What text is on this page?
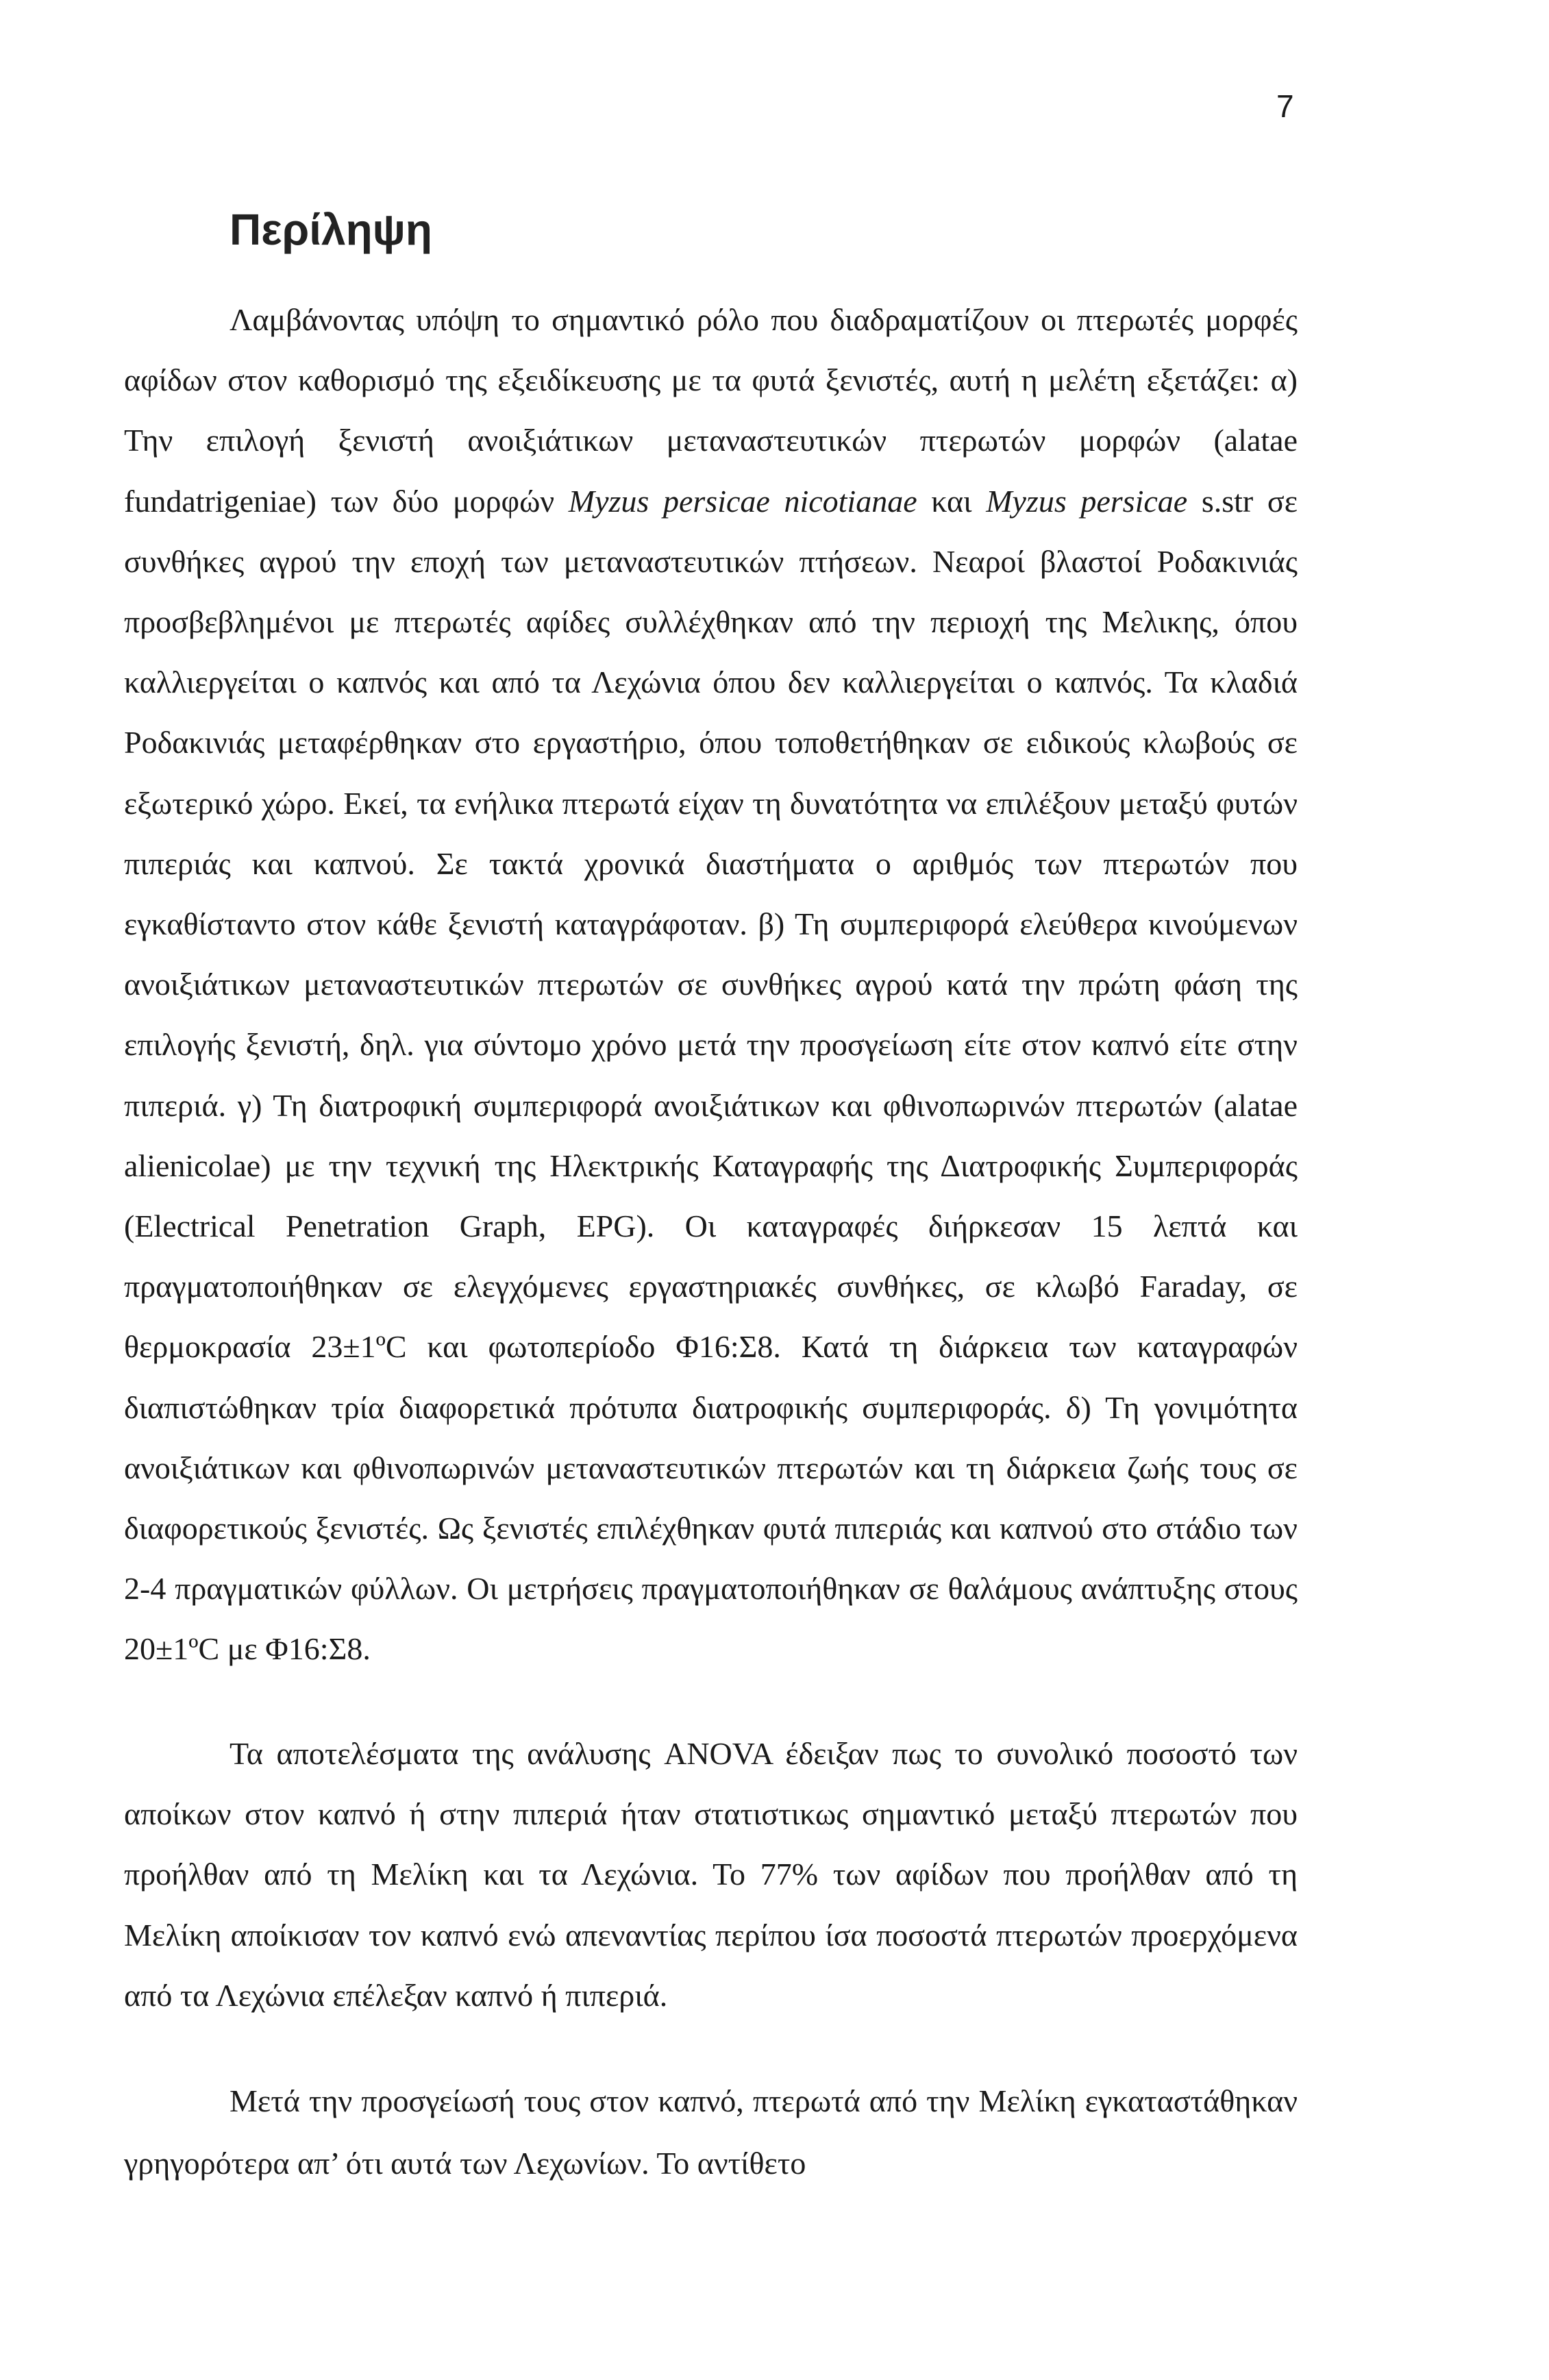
7
Περίληψη

Λαμβάνοντας υπόψη το σημαντικό ρόλο που διαδραματίζουν οι πτερωτές μορφές αφίδων στον καθορισμό της εξειδίκευσης με τα φυτά ξενιστές, αυτή η μελέτη εξετάζει: α) Την επιλογή ξενιστή ανοιξιάτικων μεταναστευτικών πτερωτών μορφών (alatae fundatrigeniae) των δύο μορφών Myzus persicae nicotianae και Myzus persicae s.str σε συνθήκες αγρού την εποχή των μεταναστευτικών πτήσεων. Νεαροί βλαστοί Ροδακινιάς προσβεβλημένοι με πτερωτές αφίδες συλλέχθηκαν από την περιοχή της Μελικης, όπου καλλιεργείται ο καπνός και από τα Λεχώνια όπου δεν καλλιεργείται ο καπνός. Τα κλαδιά Ροδακινιάς μεταφέρθηκαν στο εργαστήριο, όπου τοποθετήθηκαν σε ειδικούς κλωβούς σε εξωτερικό χώρο. Εκεί, τα ενήλικα πτερωτά είχαν τη δυνατότητα να επιλέξουν μεταξύ φυτών πιπεριάς και καπνού. Σε τακτά χρονικά διαστήματα ο αριθμός των πτερωτών που εγκαθίσταντο στον κάθε ξενιστή καταγράφοταν. β) Τη συμπεριφορά ελεύθερα κινούμενων ανοιξιάτικων μεταναστευτικών πτερωτών σε συνθήκες αγρού κατά την πρώτη φάση της επιλογής ξενιστή, δηλ. για σύντομο χρόνο μετά την προσγείωση είτε στον καπνό είτε στην πιπεριά. γ) Τη διατροφική συμπεριφορά ανοιξιάτικων και φθινοπωρινών πτερωτών (alatae alienicolae) με την τεχνική της Ηλεκτρικής Καταγραφής της Διατροφικής Συμπεριφοράς (Electrical Penetration Graph, EPG). Οι καταγραφές διήρκεσαν 15 λεπτά και πραγματοποιήθηκαν σε ελεγχόμενες εργαστηριακές συνθήκες, σε κλωβό Faraday, σε θερμοκρασία 23±1ºC και φωτοπερίοδο Φ16:Σ8. Κατά τη διάρκεια των καταγραφών διαπιστώθηκαν τρία διαφορετικά πρότυπα διατροφικής συμπεριφοράς. δ) Τη γονιμότητα ανοιξιάτικων και φθινοπωρινών μεταναστευτικών πτερωτών και τη διάρκεια ζωής τους σε διαφορετικούς ξενιστές. Ως ξενιστές επιλέχθηκαν φυτά πιπεριάς και καπνού στο στάδιο των 2-4 πραγματικών φύλλων. Οι μετρήσεις πραγματοποιήθηκαν σε θαλάμους ανάπτυξης στους 20±1ºC με Φ16:Σ8.

Τα αποτελέσματα της ανάλυσης ANOVA έδειξαν πως το συνολικό ποσοστό των αποίκων στον καπνό ή στην πιπεριά ήταν στατιστικως σημαντικό μεταξύ πτερωτών που προήλθαν από τη Μελίκη και τα Λεχώνια. Το 77% των αφίδων που προήλθαν από τη Μελίκη αποίκισαν τον καπνό ενώ απεναντίας περίπου ίσα ποσοστά πτερωτών προερχόμενα από τα Λεχώνια επέλεξαν καπνό ή πιπεριά.

Μετά την προσγείωσή τους στον καπνό, πτερωτά από την Μελίκη εγκαταστάθηκαν γρηγορότερα απ’ ότι αυτά των Λεχωνίων. Το αντίθετο
